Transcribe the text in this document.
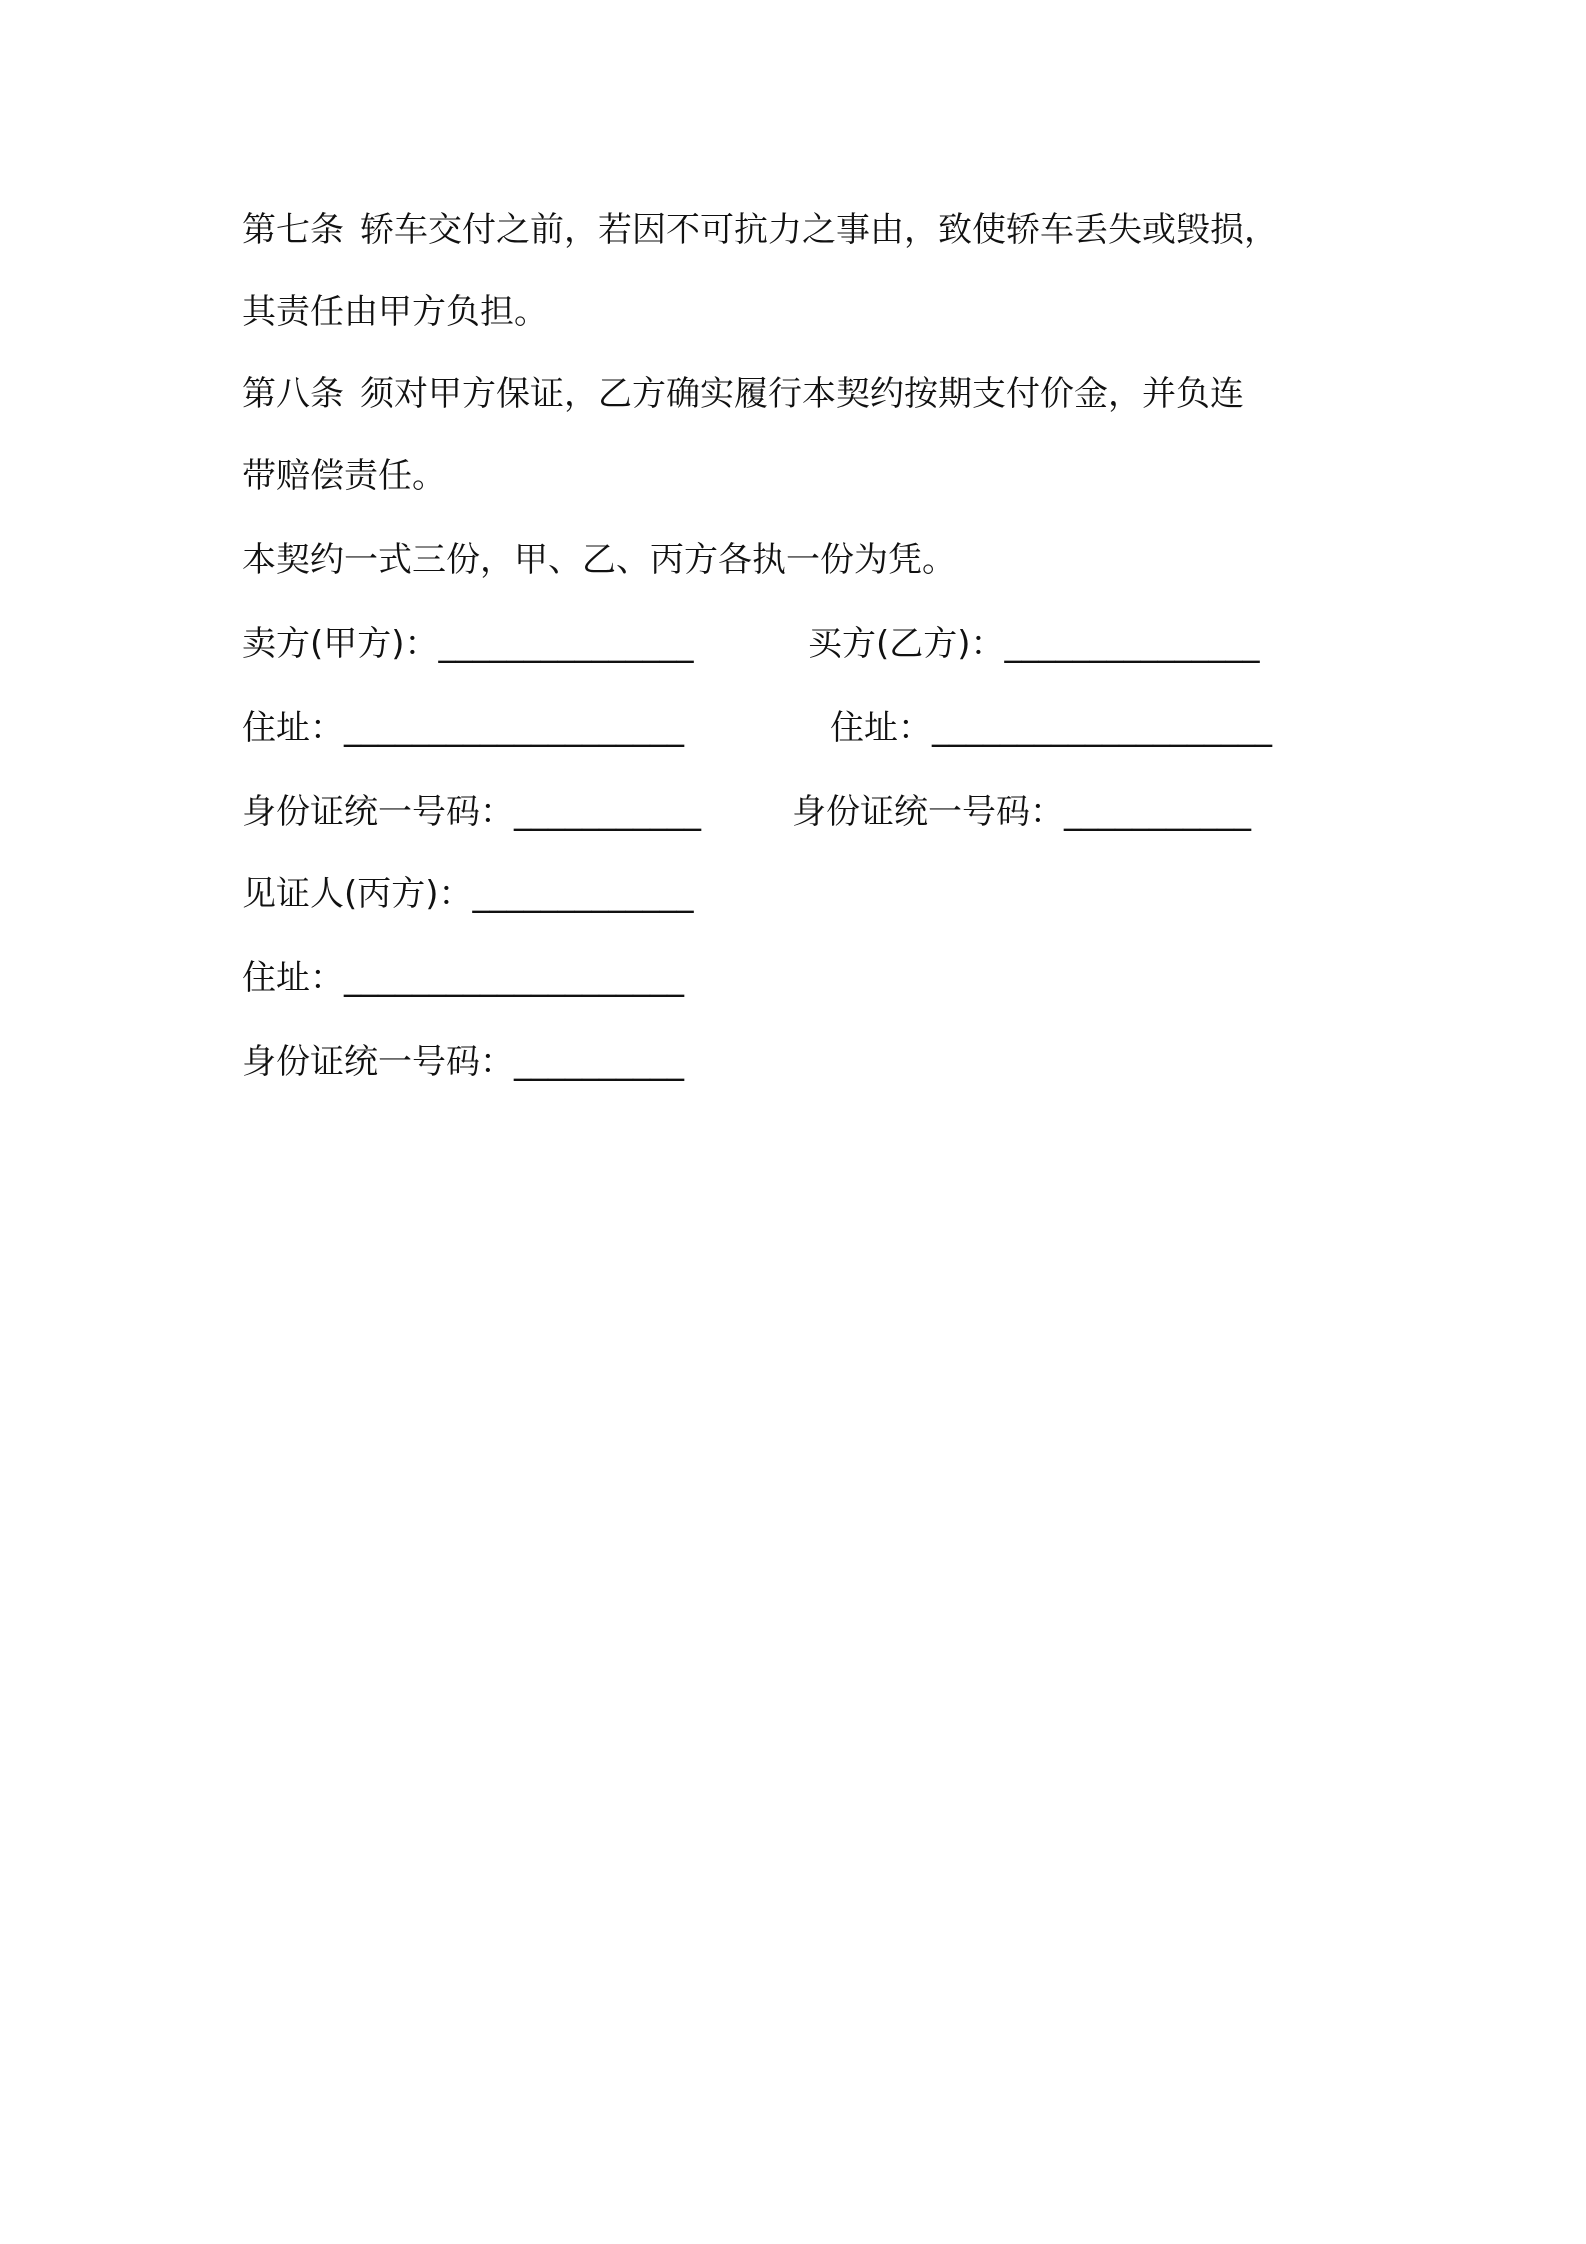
第七条 轿车交付之前，若因不可抗力之事由，致使轿车丢失或毁损，
其责任由甲方负担。
第八条 须对甲方保证，乙方确实履行本契约按期支付价金，并负连
带赔偿责任。
本契约一式三份，甲、乙、丙方各执一份为凭。
卖方(甲方)：_______________	买方(乙方)：_______________
住址：____________________	住址：____________________
身份证统一号码：___________	身份证统一号码：___________
见证人(丙方)：_____________
住址：____________________
身份证统一号码：__________
